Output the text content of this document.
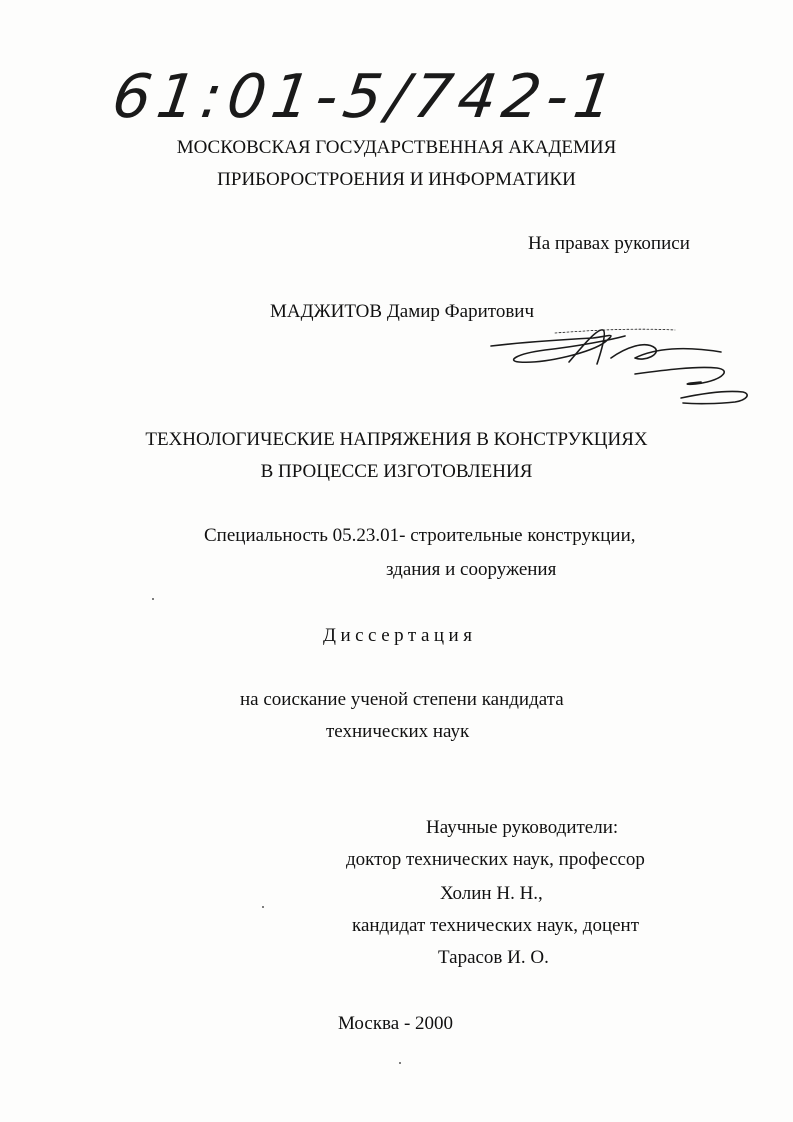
61:01-5/742-1
МОСКОВСКАЯ ГОСУДАРСТВЕННАЯ АКАДЕМИЯ
ПРИБОРОСТРОЕНИЯ И ИНФОРМАТИКИ
На правах рукописи
МАДЖИТОВ Дамир Фаритович
ТЕХНОЛОГИЧЕСКИЕ НАПРЯЖЕНИЯ В КОНСТРУКЦИЯХ
В ПРОЦЕССЕ ИЗГОТОВЛЕНИЯ
Специальность 05.23.01- строительные конструкции,
здания и сооружения
Диссертация
на соискание ученой степени кандидата
технических наук
Научные руководители:
доктор технических наук, профессор
Холин Н. Н.,
кандидат технических наук, доцент
Тарасов И. О.
Москва - 2000
